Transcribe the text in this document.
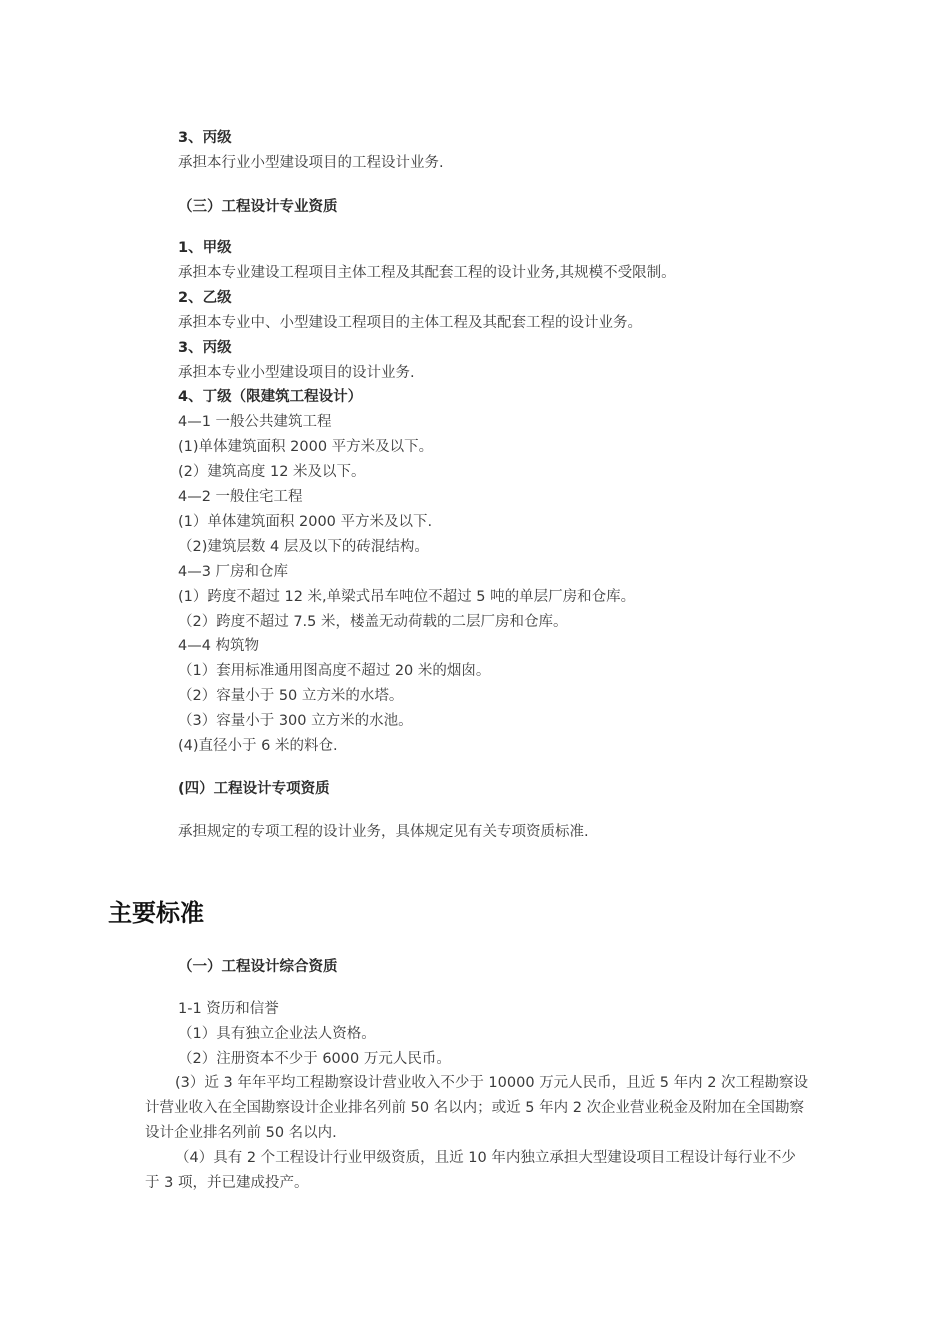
3、丙级
承担本行业小型建设项目的工程设计业务.
（三）工程设计专业资质
1、甲级
承担本专业建设工程项目主体工程及其配套工程的设计业务,其规模不受限制。
2、乙级
承担本专业中、小型建设工程项目的主体工程及其配套工程的设计业务。
3、丙级
承担本专业小型建设项目的设计业务.
4、丁级（限建筑工程设计）
4—1 一般公共建筑工程
(1)单体建筑面积 2000 平方米及以下。
(2）建筑高度 12 米及以下。
4—2 一般住宅工程
(1）单体建筑面积 2000 平方米及以下.
（2)建筑层数 4 层及以下的砖混结构。
4—3 厂房和仓库
(1）跨度不超过 12 米,单梁式吊车吨位不超过 5 吨的单层厂房和仓库。
（2）跨度不超过 7.5 米，楼盖无动荷载的二层厂房和仓库。
4—4 构筑物
（1）套用标准通用图高度不超过 20 米的烟囱。
（2）容量小于 50 立方米的水塔。
（3）容量小于 300 立方米的水池。
(4)直径小于 6 米的料仓.
(四）工程设计专项资质
承担规定的专项工程的设计业务，具体规定见有关专项资质标准.
主要标准
（一）工程设计综合资质
1-1 资历和信誉
（1）具有独立企业法人资格。
（2）注册资本不少于 6000 万元人民币。

(3）近 3 年年平均工程勘察设计营业收入不少于 10000 万元人民币，且近 5 年内 2 次工程勘察设计营业收入在全国勘察设计企业排名列前 50 名以内；或近 5 年内 2 次企业营业税金及附加在全国勘察设计企业排名列前 50 名以内.

（4）具有 2 个工程设计行业甲级资质，且近 10 年内独立承担大型建设项目工程设计每行业不少于 3 项，并已建成投产。
